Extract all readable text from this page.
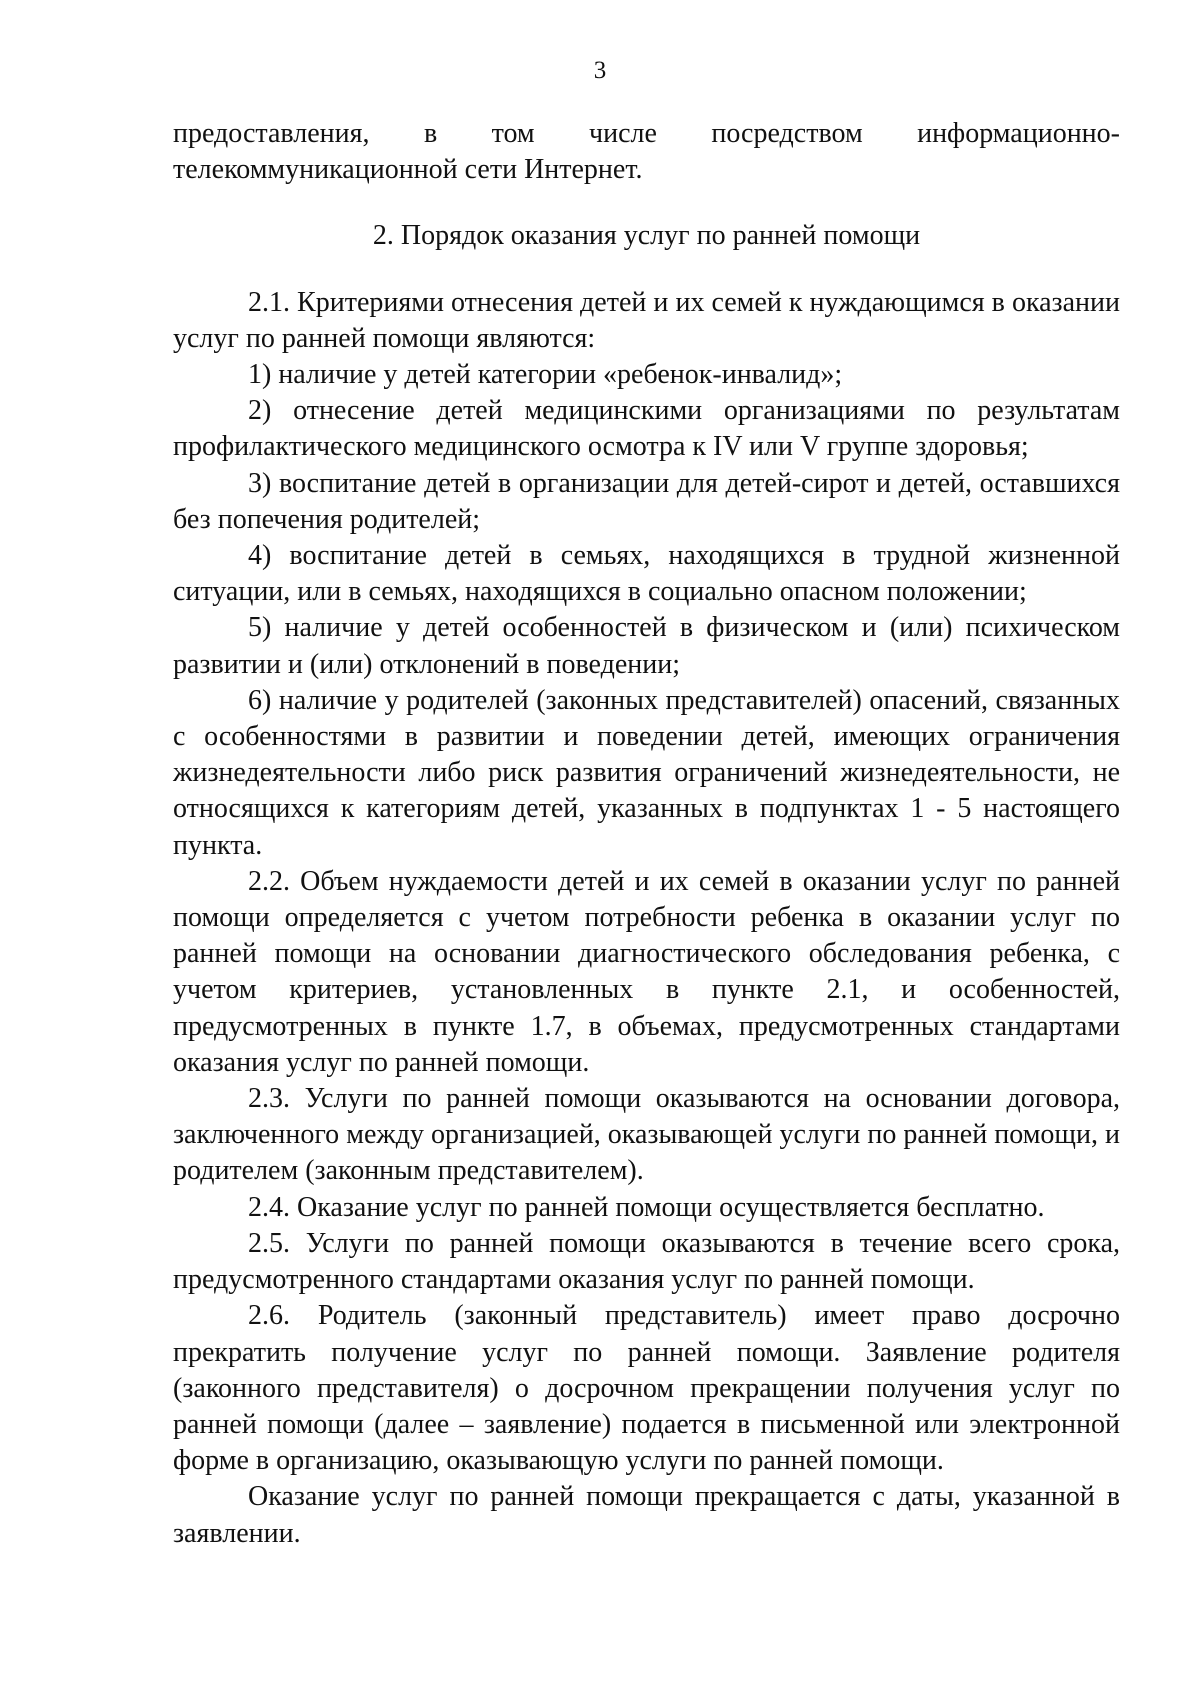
3

предоставления, в том числе посредством информационно-телекоммуникационной сети Интернет.

2. Порядок оказания услуг по ранней помощи

2.1. Критериями отнесения детей и их семей к нуждающимся в оказании услуг по ранней помощи являются:

1) наличие у детей категории «ребенок-инвалид»;

2) отнесение детей медицинскими организациями по результатам профилактического медицинского осмотра к IV или V группе здоровья;

3) воспитание детей в организации для детей-сирот и детей, оставшихся без попечения родителей;

4) воспитание детей в семьях, находящихся в трудной жизненной ситуации, или в семьях, находящихся в социально опасном положении;

5) наличие у детей особенностей в физическом и (или) психическом развитии и (или) отклонений в поведении;

6) наличие у родителей (законных представителей) опасений, связанных с особенностями в развитии и поведении детей, имеющих ограничения жизнедеятельности либо риск развития ограничений жизнедеятельности, не относящихся к категориям детей, указанных в подпунктах 1 - 5 настоящего пункта.

2.2. Объем нуждаемости детей и их семей в оказании услуг по ранней помощи определяется с учетом потребности ребенка в оказании услуг по ранней помощи на основании диагностического обследования ребенка, с учетом критериев, установленных в пункте 2.1, и особенностей, предусмотренных в пункте 1.7, в объемах, предусмотренных стандартами оказания услуг по ранней помощи.

2.3. Услуги по ранней помощи оказываются на основании договора, заключенного между организацией, оказывающей услуги по ранней помощи, и родителем (законным представителем).

2.4. Оказание услуг по ранней помощи осуществляется бесплатно.

2.5. Услуги по ранней помощи оказываются в течение всего срока, предусмотренного стандартами оказания услуг по ранней помощи.

2.6. Родитель (законный представитель) имеет право досрочно прекратить получение услуг по ранней помощи. Заявление родителя (законного представителя) о досрочном прекращении получения услуг по ранней помощи (далее – заявление) подается в письменной или электронной форме в организацию, оказывающую услуги по ранней помощи.

Оказание услуг по ранней помощи прекращается с даты, указанной в заявлении.
